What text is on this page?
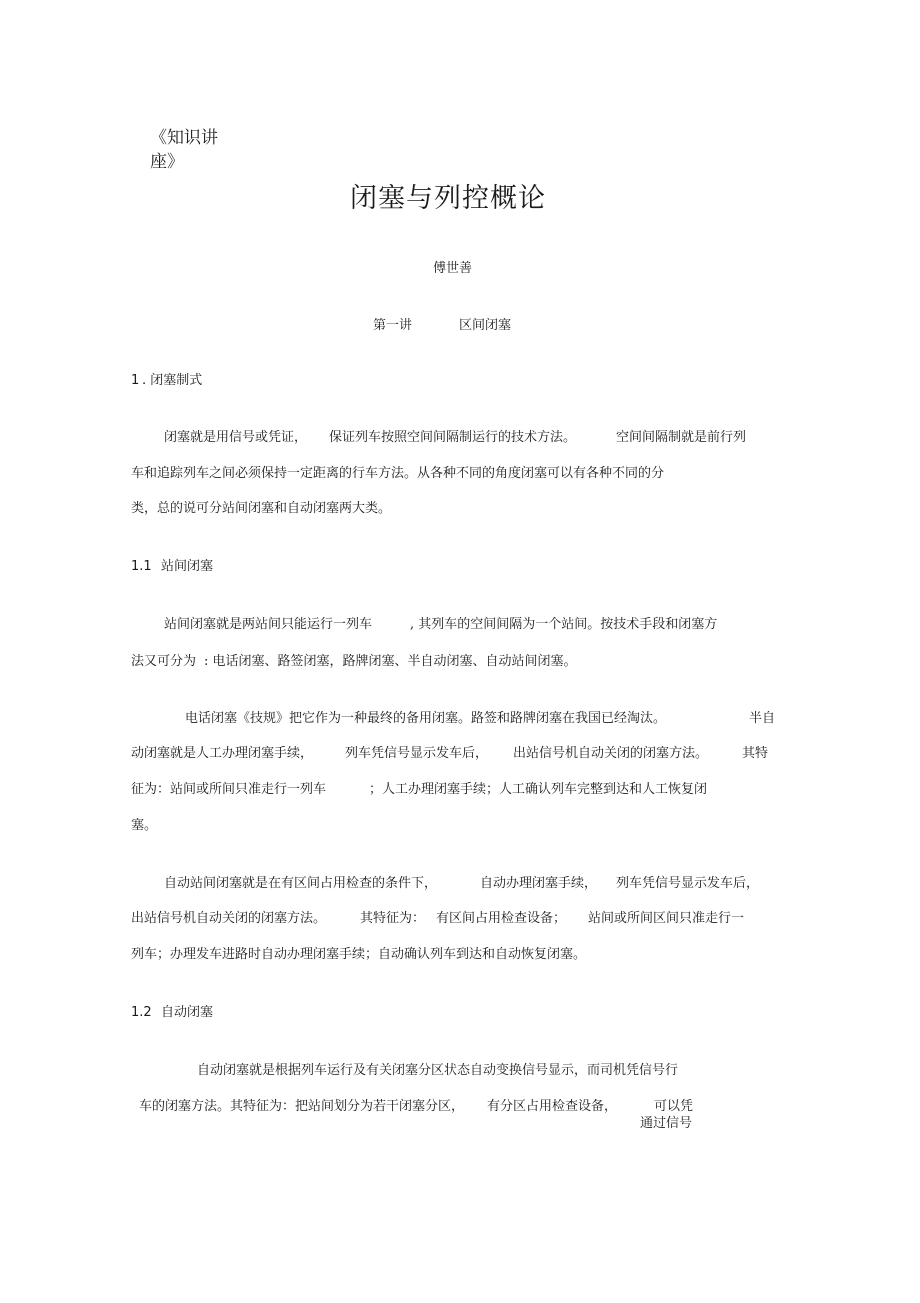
《知识讲
座》
闭塞与列控概论
傅世善
第一讲	区间闭塞
1 . 闭塞制式
闭塞就是用信号或凭证， 保证列车按照空间间隔制运行的技术方法。	空间间隔制就是前行列
车和追踪列车之间必须保持一定距离的行车方法。从各种不同的角度闭塞可以有各种不同的分
类，总的说可分站间闭塞和自动闭塞两大类。
1.1 站间闭塞
站间闭塞就是两站间只能运行一列车	, 其列车的空间间隔为一个站间。按技术手段和闭塞方
法又可分为 : 电话闭塞、路签闭塞，路牌闭塞、半自动闭塞、自动站间闭塞。
电话闭塞《技规》把它作为一种最终的备用闭塞。路签和路牌闭塞在我国已经淘汰。	半自
动闭塞就是人工办理闭塞手续， 列车凭信号显示发车后， 出站信号机自动关闭的闭塞方法。	其特
征为：站间或所间只准走行一列车	；人工办理闭塞手续；人工确认列车完整到达和人工恢复闭
塞。
自动站间闭塞就是在有区间占用检查的条件下，	自动办理闭塞手续， 列车凭信号显示发车后，
出站信号机自动关闭的闭塞方法。	其特征为： 有区间占用检查设备； 站间或所间区间只准走行一
列车；办理发车进路时自动办理闭塞手续；自动确认列车到达和自动恢复闭塞。
1.2 自动闭塞
自动闭塞就是根据列车运行及有关闭塞分区状态自动变换信号显示，而司机凭信号行
车的闭塞方法。其特征为：把站间划分为若干闭塞分区， 有分区占用检查设备，	可以凭
通过信号
